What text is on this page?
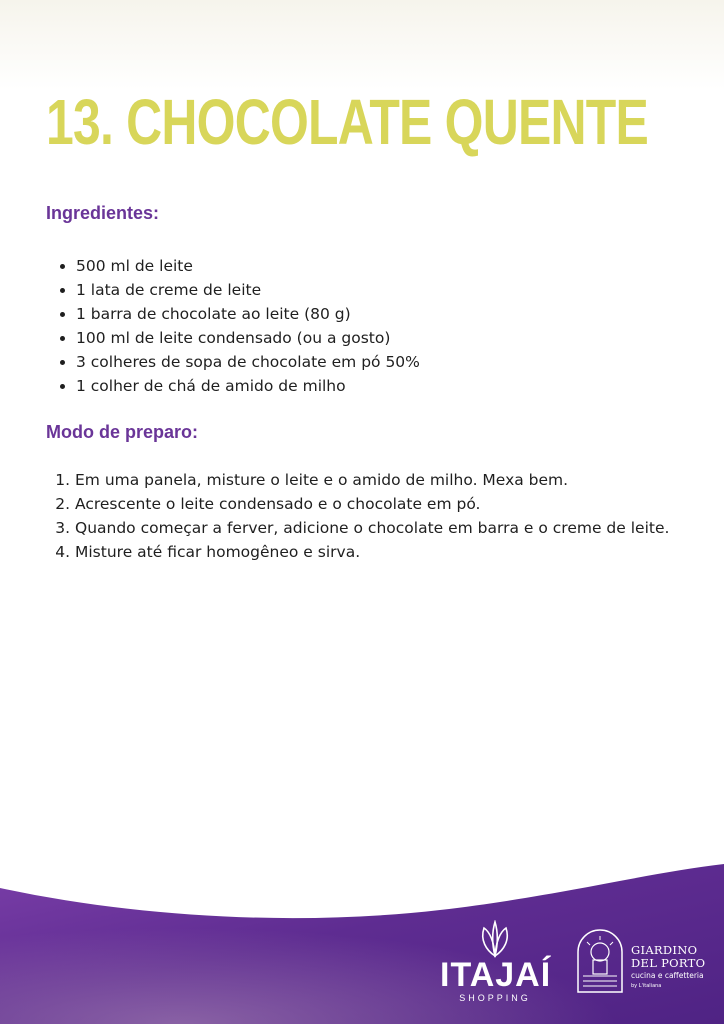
13. CHOCOLATE QUENTE
Ingredientes:
• 500 ml de leite
• 1 lata de creme de leite
• 1 barra de chocolate ao leite (80 g)
• 100 ml de leite condensado (ou a gosto)
• 3 colheres de sopa de chocolate em pó 50%
• 1 colher de chá de amido de milho
Modo de preparo:
1. Em uma panela, misture o leite e o amido de milho. Mexa bem.
2. Acrescente o leite condensado e o chocolate em pó.
3. Quando começar a ferver, adicione o chocolate em barra e o creme de leite.
4. Misture até ficar homogêneo e sirva.
ITAJAÍ
SHOPPING
GIARDINO
DEL PORTO
cucina e caffetteria
by L'italiana
